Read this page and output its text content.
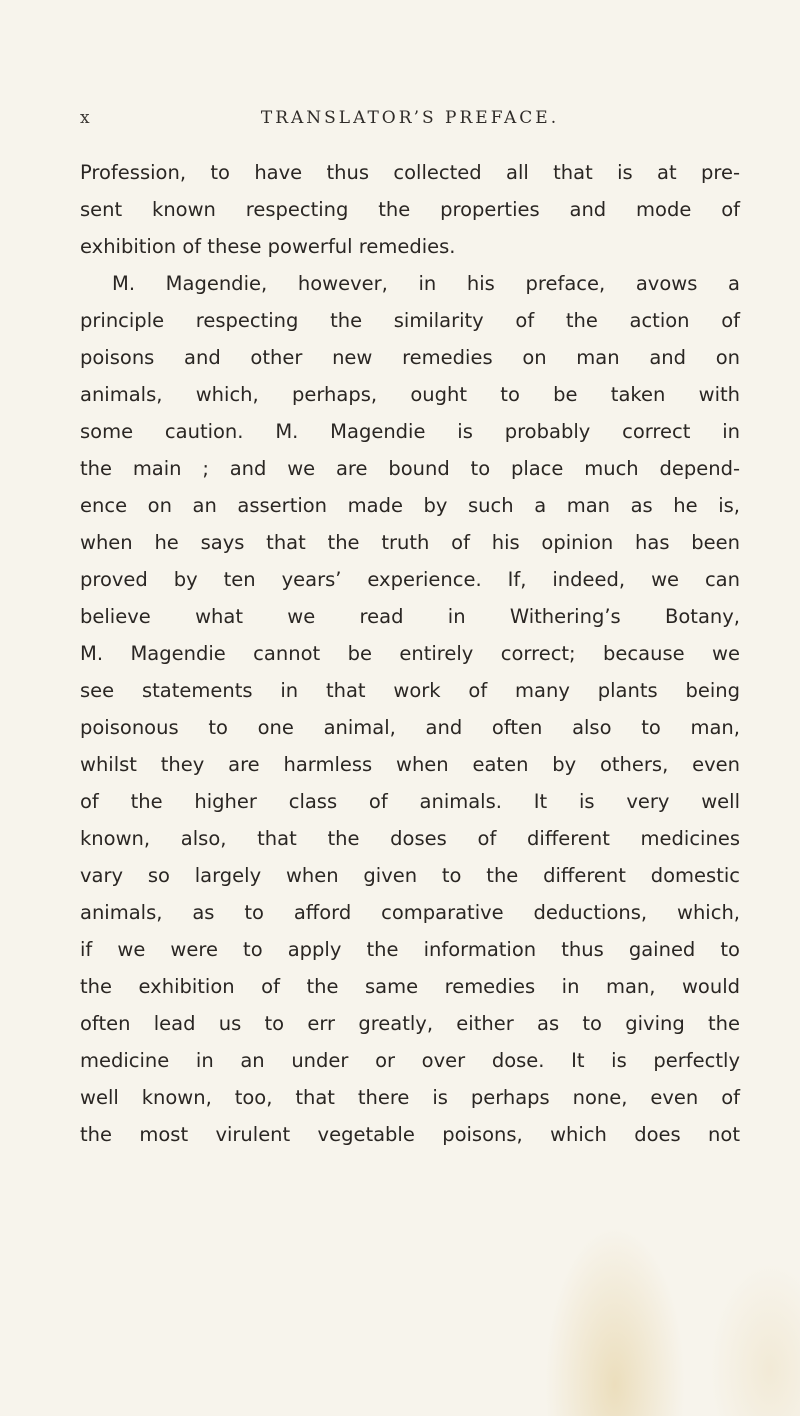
x	TRANSLATOR’S PREFACE.
Profession, to have thus collected all that is at pre-
sent known respecting the properties and mode of
exhibition of these powerful remedies.
M. Magendie, however, in his preface, avows a
principle respecting the similarity of the action of
poisons and other new remedies on man and on
animals, which, perhaps, ought to be taken with
some caution. M. Magendie is probably correct in
the main ; and we are bound to place much depend-
ence on an assertion made by such a man as he is,
when he says that the truth of his opinion has been
proved by ten years’ experience. If, indeed, we can
believe what we read in Withering’s Botany,
M. Magendie cannot be entirely correct; because we
see statements in that work of many plants being
poisonous to one animal, and often also to man,
whilst they are harmless when eaten by others, even
of the higher class of animals. It is very well
known, also, that the doses of different medicines
vary so largely when given to the different domestic
animals, as to afford comparative deductions, which,
if we were to apply the information thus gained to
the exhibition of the same remedies in man, would
often lead us to err greatly, either as to giving the
medicine in an under or over dose. It is perfectly
well known, too, that there is perhaps none, even of
the most virulent vegetable poisons, which does not
